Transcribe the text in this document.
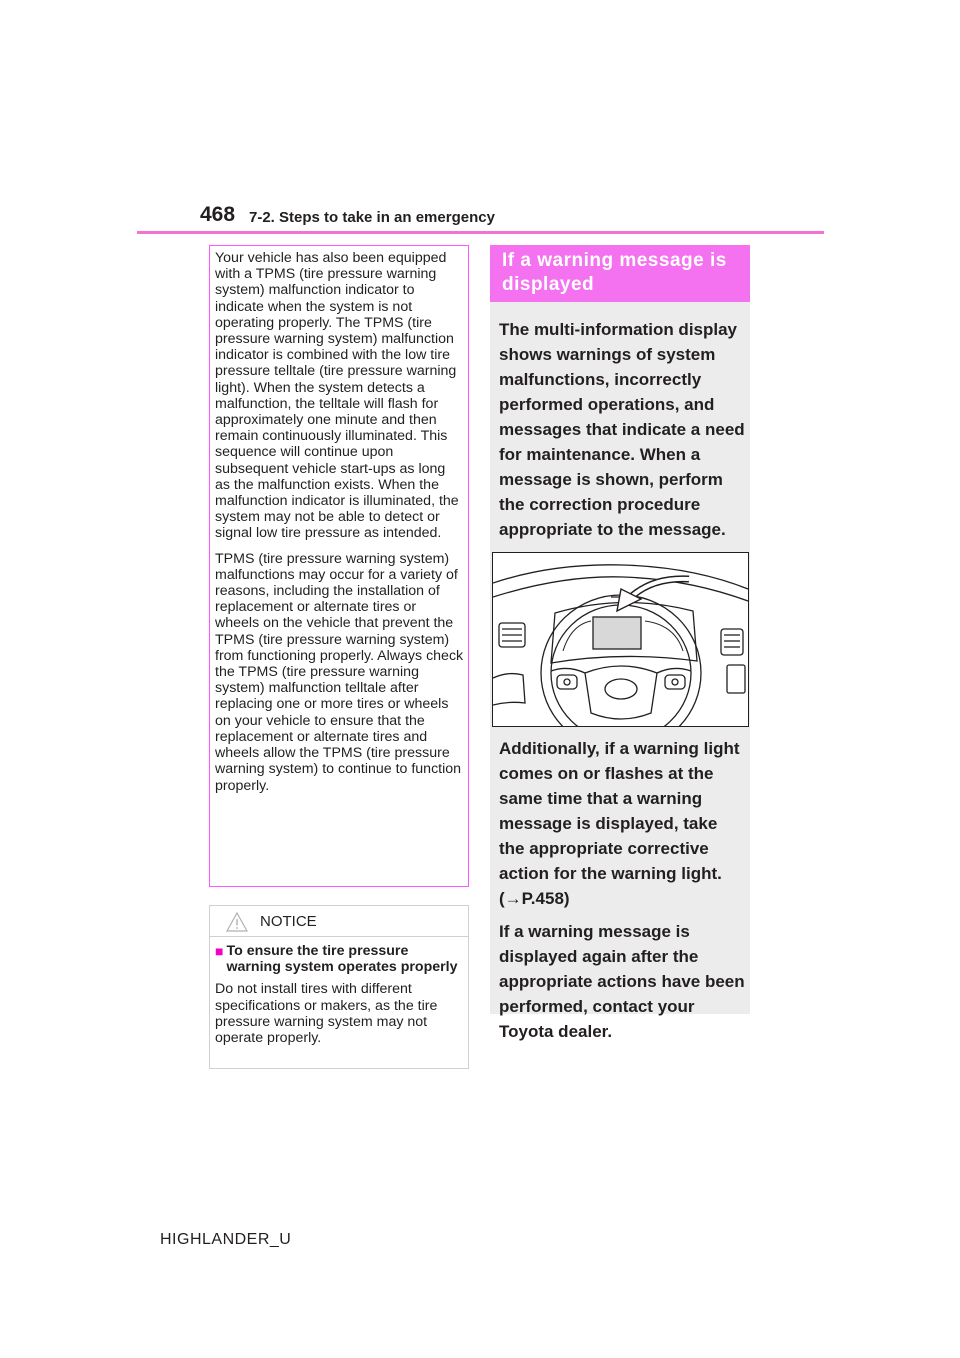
468 7-2. Steps to take in an emergency

Your vehicle has also been equipped with a TPMS (tire pressure warning system) malfunction indicator to indicate when the system is not operating properly. The TPMS (tire pressure warning system) malfunction indicator is combined with the low tire pressure telltale (tire pressure warning light). When the system detects a malfunction, the telltale will flash for approximately one minute and then remain continuously illuminated. This sequence will continue upon subsequent vehicle start-ups as long as the malfunction exists. When the malfunction indicator is illuminated, the system may not be able to detect or signal low tire pressure as intended.

TPMS (tire pressure warning system) malfunctions may occur for a variety of reasons, including the installation of replacement or alternate tires or wheels on the vehicle that prevent the TPMS (tire pressure warning system) from functioning properly. Always check the TPMS (tire pressure warning system) malfunction telltale after replacing one or more tires or wheels on your vehicle to ensure that the replacement or alternate tires and wheels allow the TPMS (tire pressure warning system) to continue to function properly.

NOTICE
■ To ensure the tire pressure warning system operates properly

Do not install tires with different specifications or makers, as the tire pressure warning system may not operate properly.

If a warning message is displayed

The multi-information display shows warnings of system malfunctions, incorrectly performed operations, and messages that indicate a need for maintenance. When a message is shown, perform the correction procedure appropriate to the message.

Additionally, if a warning light comes on or flashes at the same time that a warning message is displayed, take the appropriate corrective action for the warning light. (→P.458)

If a warning message is displayed again after the appropriate actions have been performed, contact your Toyota dealer.

HIGHLANDER_U
